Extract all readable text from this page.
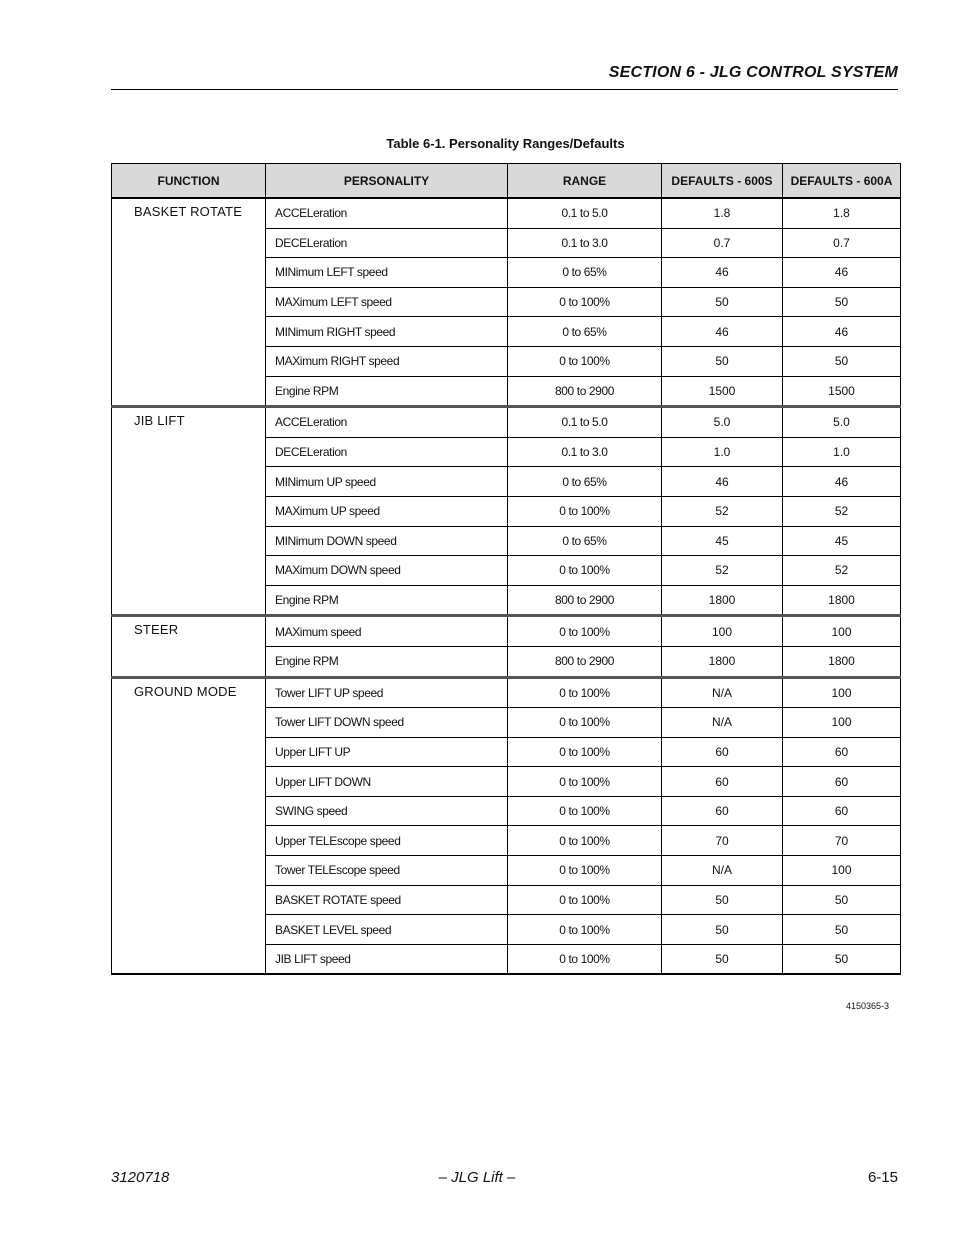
SECTION 6 - JLG CONTROL SYSTEM
Table 6-1. Personality Ranges/Defaults
FUNCTION	PERSONALITY	RANGE	DEFAULTS - 600S	DEFAULTS - 600A
BASKET ROTATE	ACCELeration	0.1 to 5.0	1.8	1.8
	DECELeration	0.1 to 3.0	0.7	0.7
	MINimum LEFT speed	0 to 65%	46	46
	MAXimum LEFT speed	0 to 100%	50	50
	MINimum RIGHT speed	0 to 65%	46	46
	MAXimum RIGHT speed	0 to 100%	50	50
	Engine RPM	800 to 2900	1500	1500
JIB LIFT	ACCELeration	0.1 to 5.0	5.0	5.0
	DECELeration	0.1 to 3.0	1.0	1.0
	MINimum UP speed	0 to 65%	46	46
	MAXimum UP speed	0 to 100%	52	52
	MINimum DOWN speed	0 to 65%	45	45
	MAXimum DOWN speed	0 to 100%	52	52
	Engine RPM	800 to 2900	1800	1800
STEER	MAXimum speed	0 to 100%	100	100
	Engine RPM	800 to 2900	1800	1800
GROUND MODE	Tower LIFT UP speed	0 to 100%	N/A	100
	Tower LIFT DOWN speed	0 to 100%	N/A	100
	Upper LIFT UP	0 to 100%	60	60
	Upper LIFT DOWN	0 to 100%	60	60
	SWING speed	0 to 100%	60	60
	Upper TELEscope speed	0 to 100%	70	70
	Tower TELEscope speed	0 to 100%	N/A	100
	BASKET ROTATE speed	0 to 100%	50	50
	BASKET LEVEL speed	0 to 100%	50	50
	JIB LIFT speed	0 to 100%	50	50
4150365-3
3120718	– JLG Lift –	6-15
